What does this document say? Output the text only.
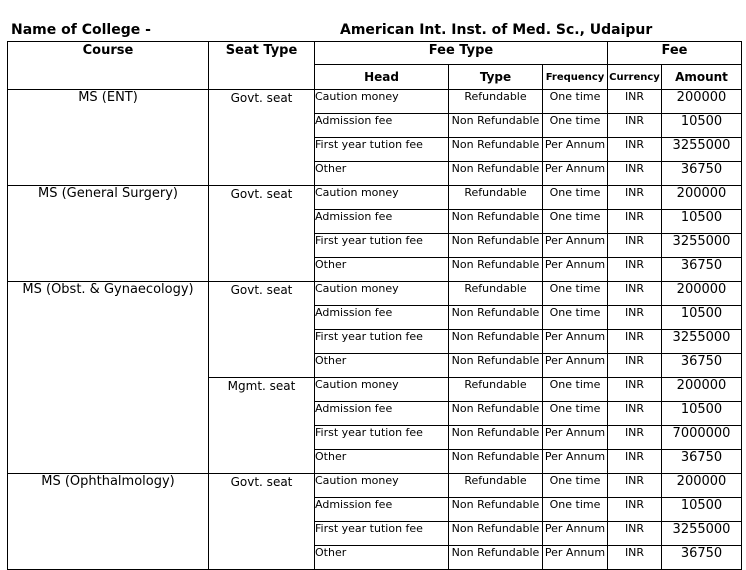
Name of College -	American Int. Inst. of Med. Sc., Udaipur
Course	Seat Type	Fee Type			Fee	
		Head	Type	Frequency	Currency	Amount
MS (ENT)	Govt. seat	Caution money	Refundable	One time	INR	200000
		Admission fee	Non Refundable	One time	INR	10500
		First year tution fee	Non Refundable	Per Annum	INR	3255000
		Other	Non Refundable	Per Annum	INR	36750
MS (General Surgery)	Govt. seat	Caution money	Refundable	One time	INR	200000
		Admission fee	Non Refundable	One time	INR	10500
		First year tution fee	Non Refundable	Per Annum	INR	3255000
		Other	Non Refundable	Per Annum	INR	36750
MS (Obst. & Gynaecology)	Govt. seat	Caution money	Refundable	One time	INR	200000
		Admission fee	Non Refundable	One time	INR	10500
		First year tution fee	Non Refundable	Per Annum	INR	3255000
		Other	Non Refundable	Per Annum	INR	36750
	Mgmt. seat	Caution money	Refundable	One time	INR	200000
		Admission fee	Non Refundable	One time	INR	10500
		First year tution fee	Non Refundable	Per Annum	INR	7000000
		Other	Non Refundable	Per Annum	INR	36750
MS (Ophthalmology)	Govt. seat	Caution money	Refundable	One time	INR	200000
		Admission fee	Non Refundable	One time	INR	10500
		First year tution fee	Non Refundable	Per Annum	INR	3255000
		Other	Non Refundable	Per Annum	INR	36750
